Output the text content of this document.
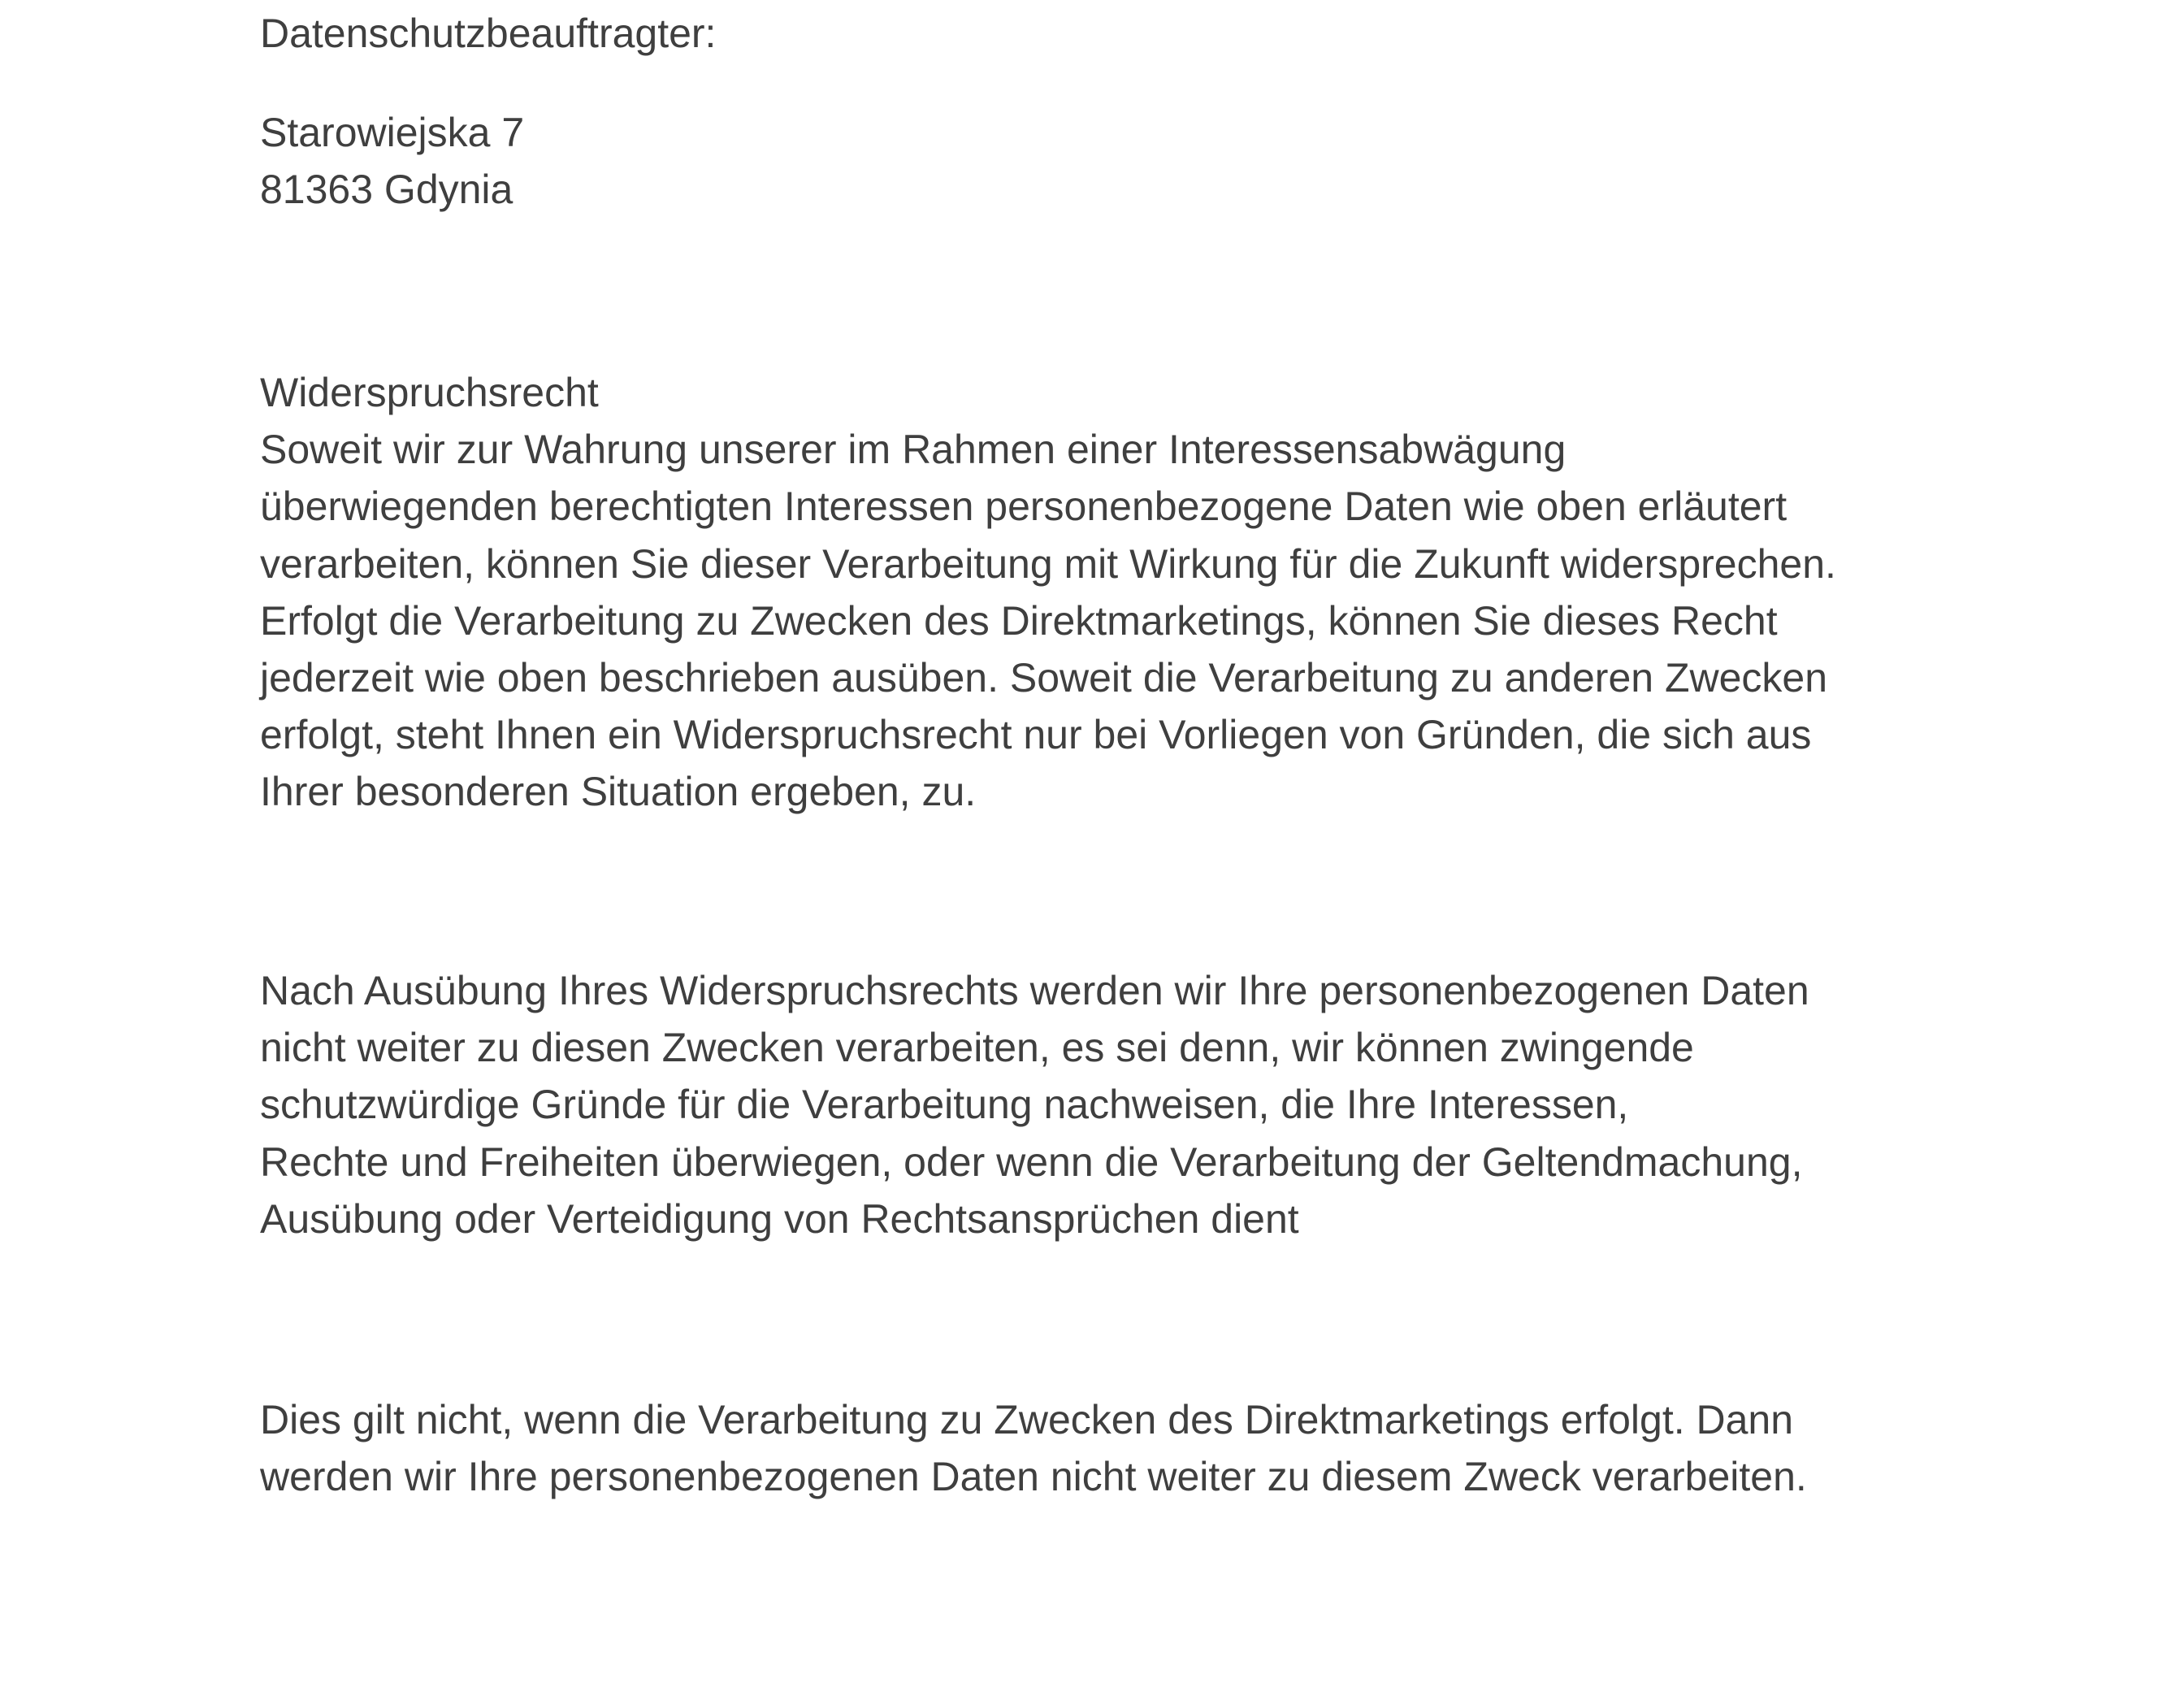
Datenschutzbeauftragter:
Starowiejska 7
81363 Gdynia
Widerspruchsrecht
Soweit wir zur Wahrung unserer im Rahmen einer Interessensabwägung
überwiegenden berechtigten Interessen personenbezogene Daten wie oben erläutert
verarbeiten, können Sie dieser Verarbeitung mit Wirkung für die Zukunft widersprechen.
Erfolgt die Verarbeitung zu Zwecken des Direktmarketings, können Sie dieses Recht
jederzeit wie oben beschrieben ausüben. Soweit die Verarbeitung zu anderen Zwecken
erfolgt, steht Ihnen ein Widerspruchsrecht nur bei Vorliegen von Gründen, die sich aus
Ihrer besonderen Situation ergeben, zu.
Nach Ausübung Ihres Widerspruchsrechts werden wir Ihre personenbezogenen Daten
nicht weiter zu diesen Zwecken verarbeiten, es sei denn, wir können zwingende
schutzwürdige Gründe für die Verarbeitung nachweisen, die Ihre Interessen,
Rechte und Freiheiten überwiegen, oder wenn die Verarbeitung der Geltendmachung,
Ausübung oder Verteidigung von Rechtsansprüchen dient
Dies gilt nicht, wenn die Verarbeitung zu Zwecken des Direktmarketings erfolgt. Dann
werden wir Ihre personenbezogenen Daten nicht weiter zu diesem Zweck verarbeiten.
